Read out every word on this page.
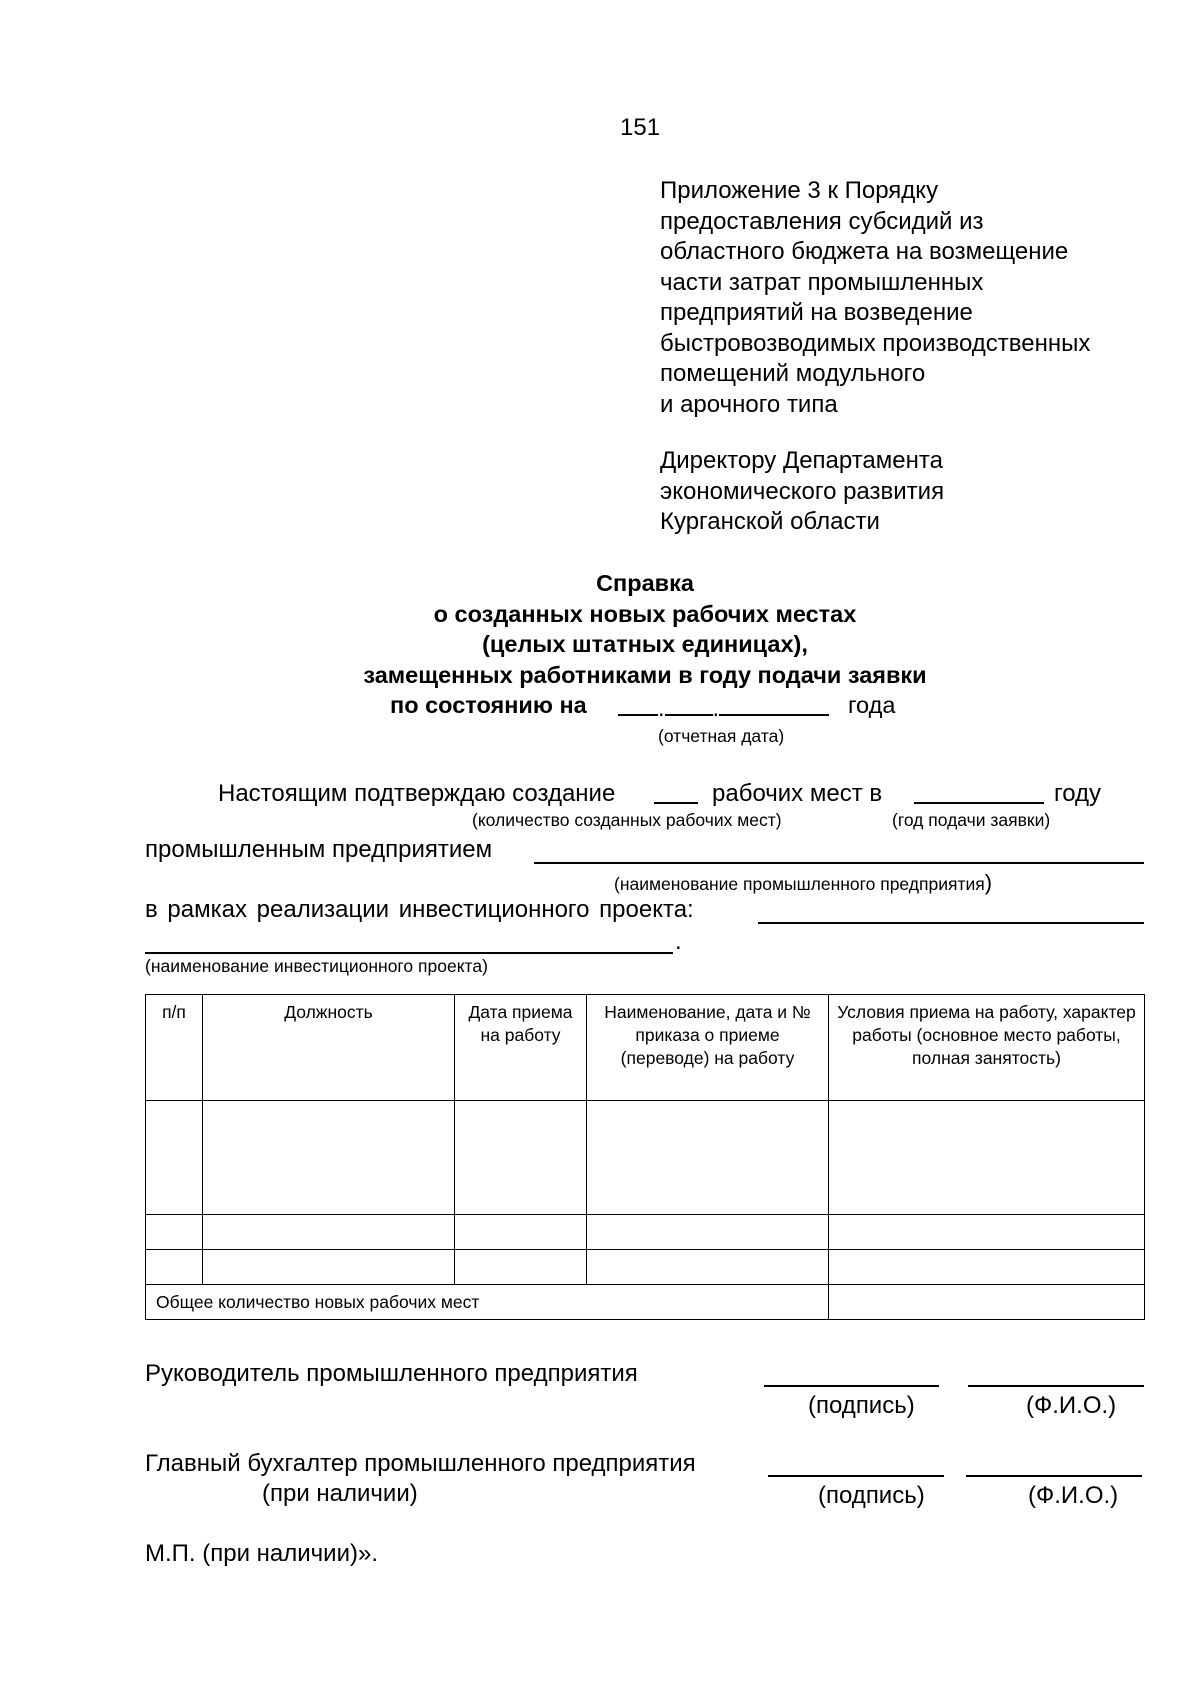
151
Приложение 3 к Порядку
предоставления субсидий из
областного бюджета на возмещение
части затрат промышленных
предприятий на возведение
быстровозводимых производственных
помещений модульного
и арочного типа
Директору Департамента
экономического развития
Курганской области
Справка
о созданных новых рабочих местах
(целых штатных единицах),
замещенных работниками в году подачи заявки
по состоянию на	. .	года
(отчетная дата)
Настоящим подтверждаю создание	рабочих мест в	году
(количество созданных рабочих мест)	(год подачи заявки)
промышленным предприятием
(наименование промышленного предприятия)
в рамках реализации инвестиционного проекта:
.
(наименование инвестиционного проекта)
п/п	Должность	Дата приема на работу	Наименование, дата и № приказа о приеме (переводе) на работу	Условия приема на работу, характер работы (основное место работы, полная занятость)

Общее количество новых рабочих мест				
Руководитель промышленного предприятия
(подпись)	(Ф.И.О.)
Главный бухгалтер промышленного предприятия
(при наличии)	(подпись)	(Ф.И.О.)
М.П. (при наличии)».
